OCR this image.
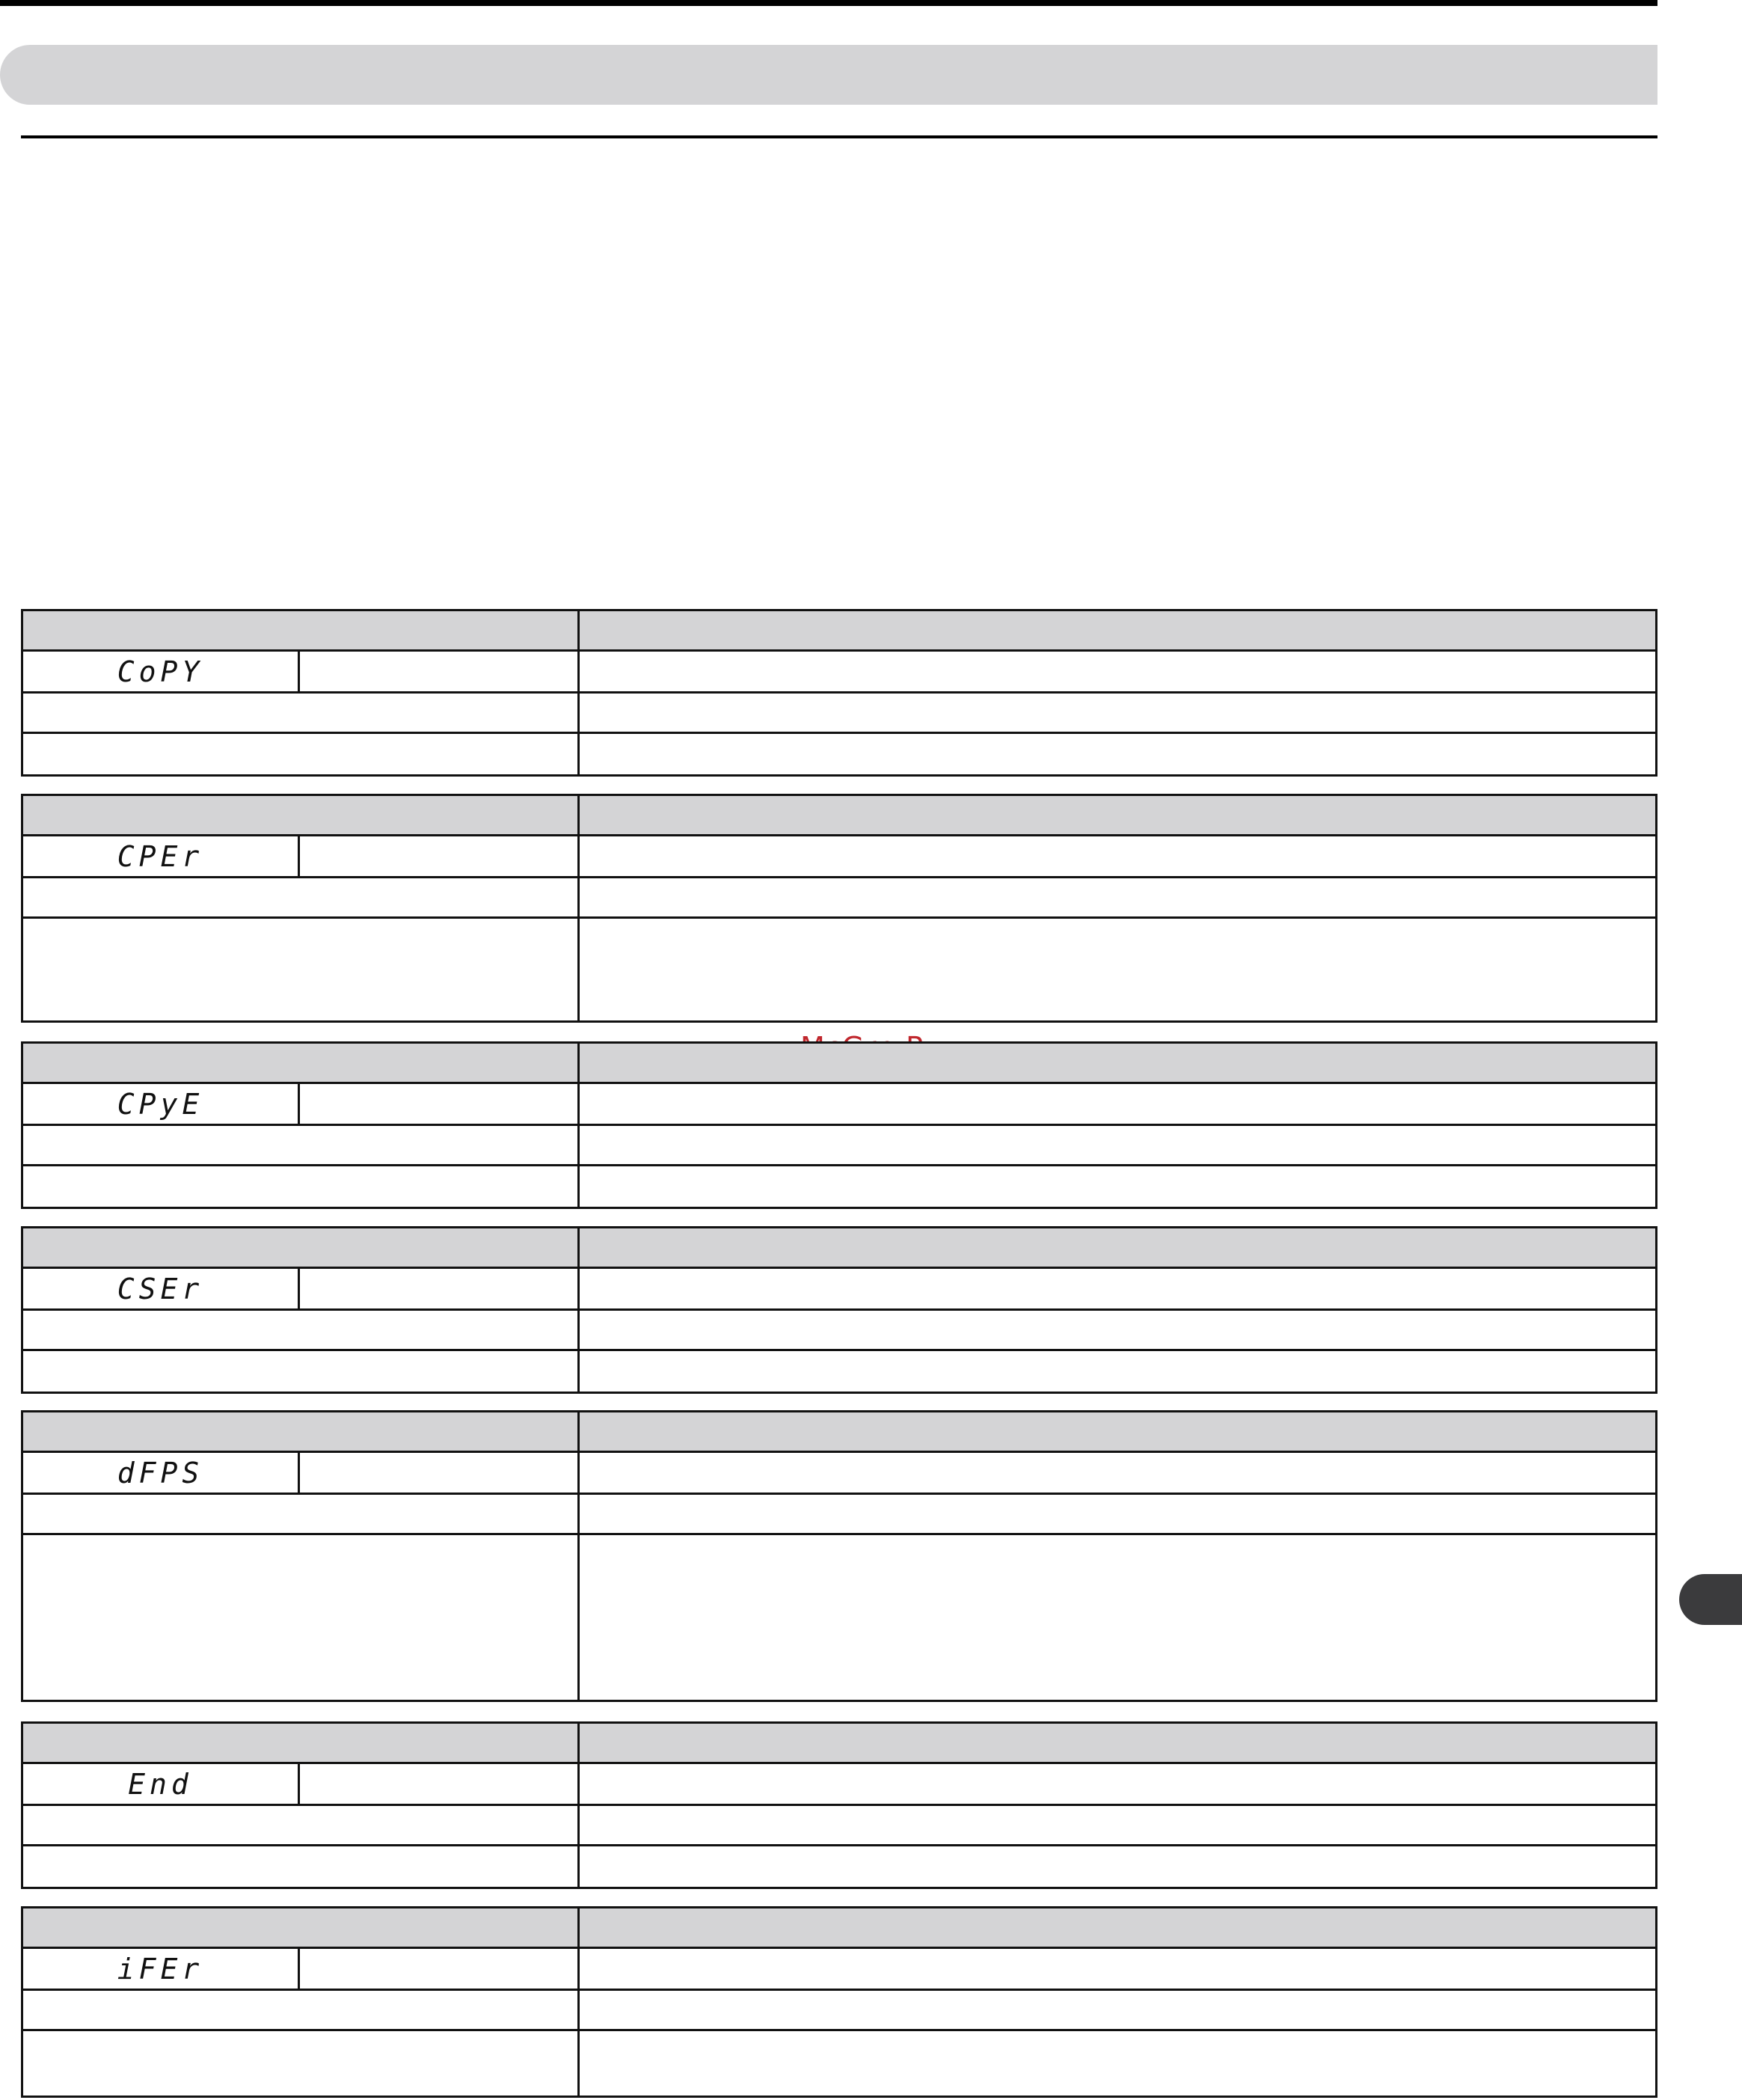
CoPY
CPEr
CPyE
CSEr
dFPS
End
iFEr
